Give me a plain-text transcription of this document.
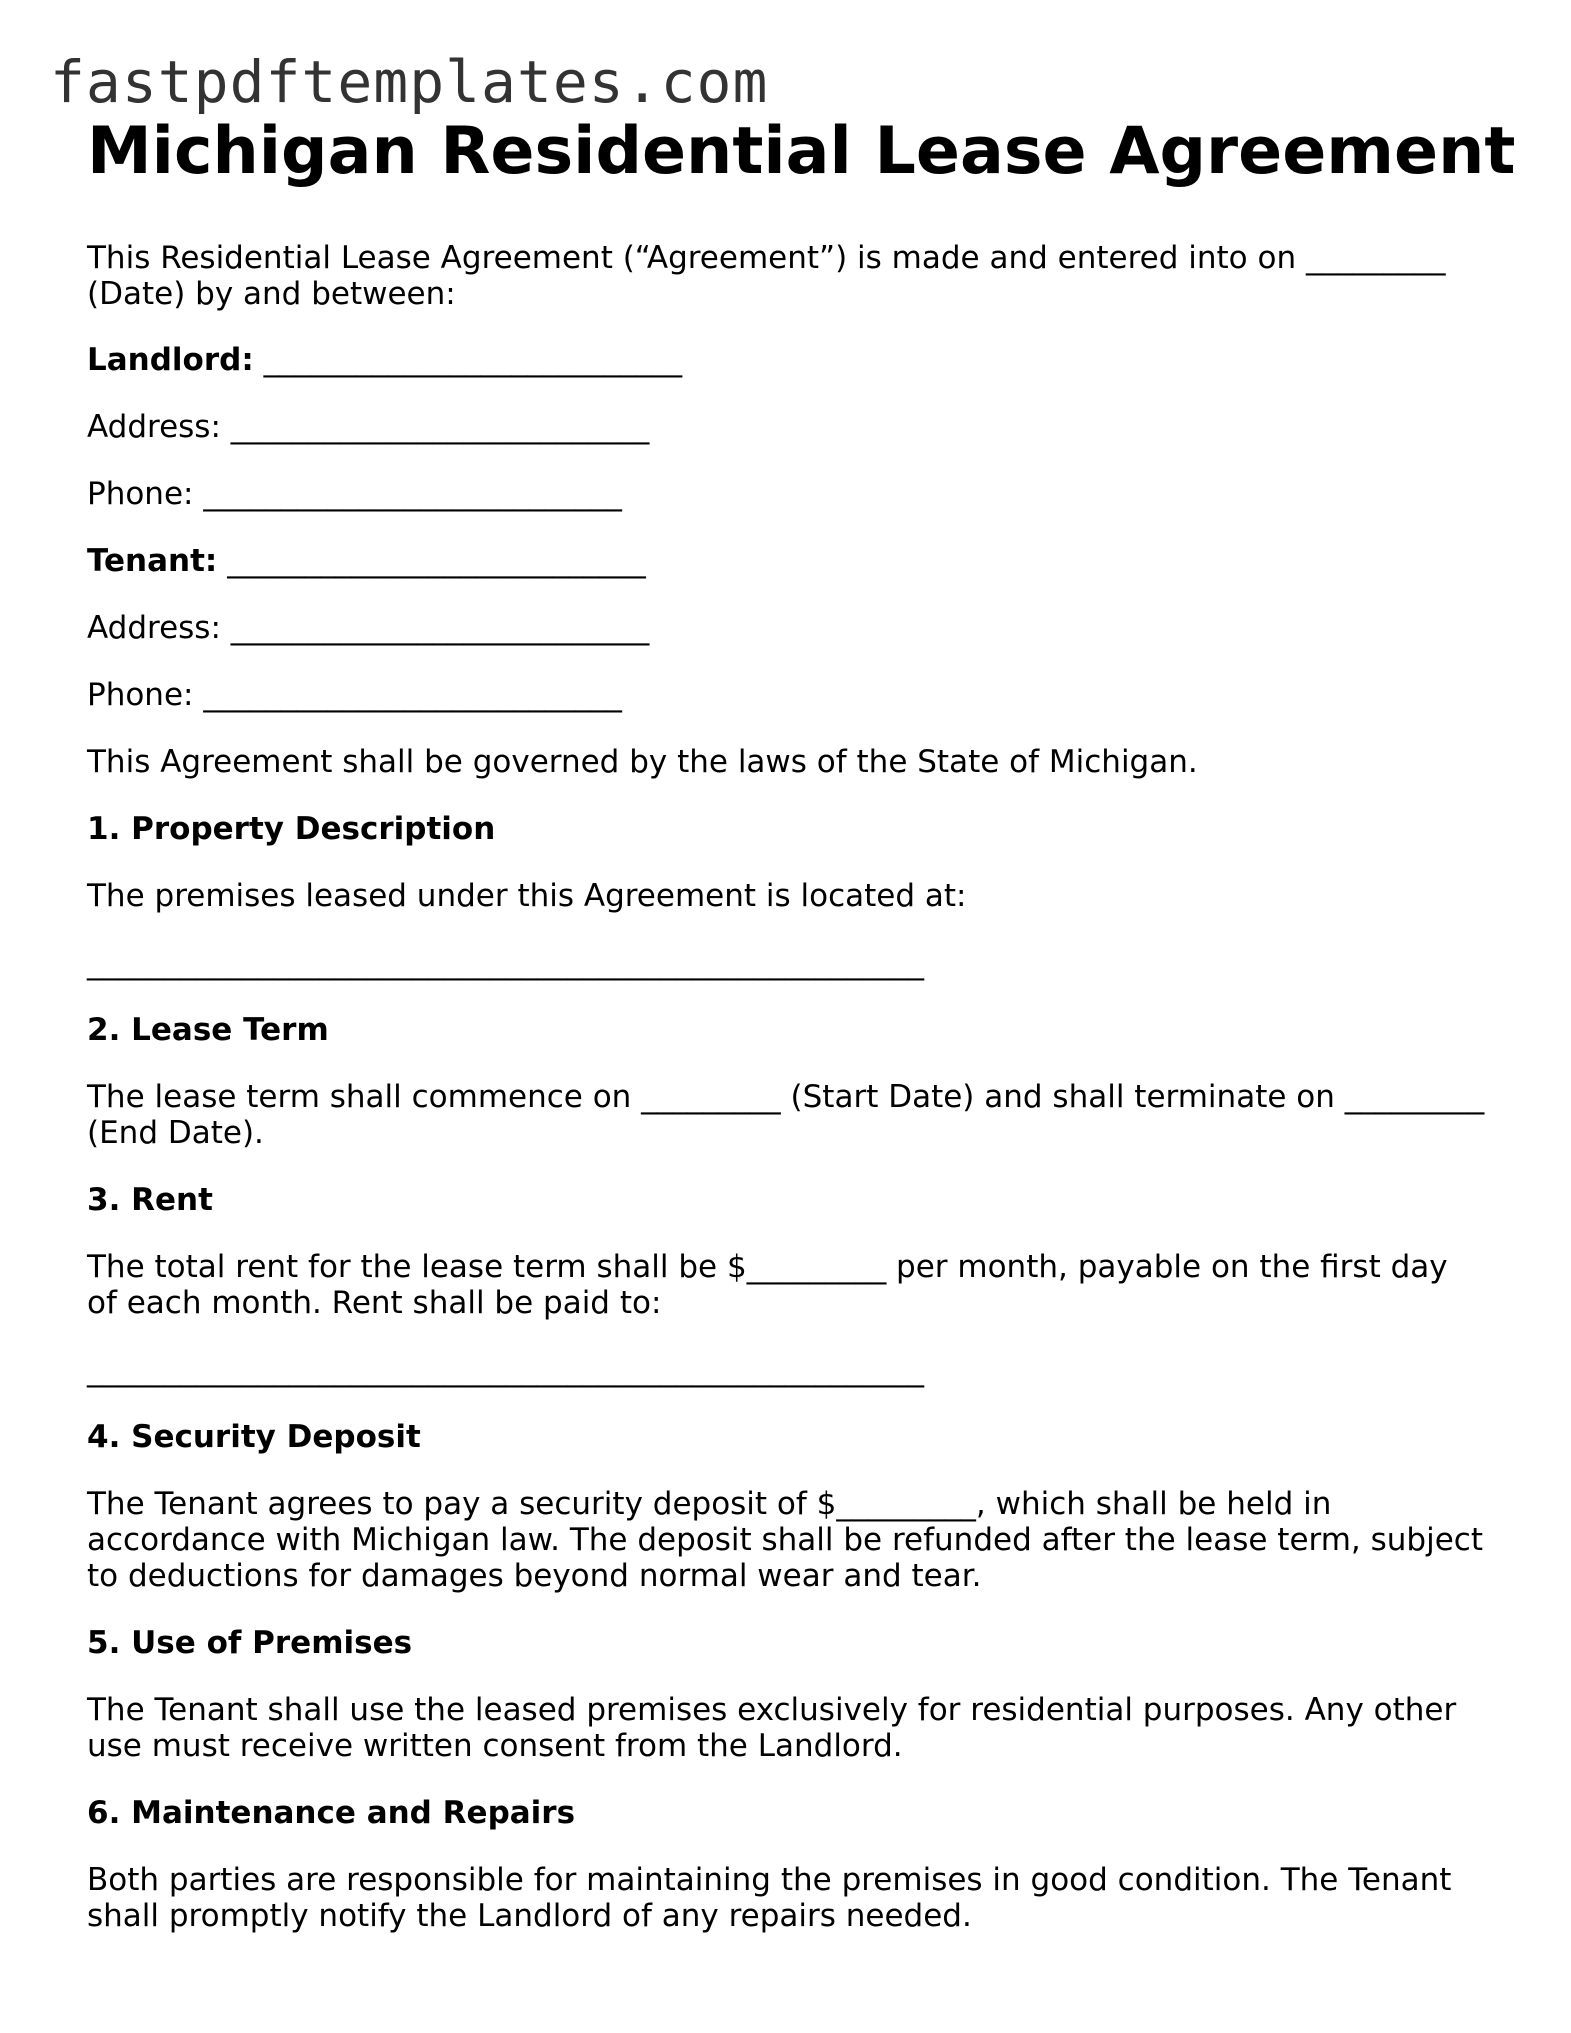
fastpdftemplates.com
Michigan Residential Lease Agreement

This Residential Lease Agreement (“Agreement”) is made and entered into on _________ (Date) by and between:

Landlord: ___________________________

Address: ___________________________

Phone: ___________________________

Tenant: ___________________________

Address: ___________________________

Phone: ___________________________

This Agreement shall be governed by the laws of the State of Michigan.

1. Property Description

The premises leased under this Agreement is located at:

______________________________________________________

2. Lease Term

The lease term shall commence on _________ (Start Date) and shall terminate on _________ (End Date).

3. Rent

The total rent for the lease term shall be $_________ per month, payable on the first day of each month. Rent shall be paid to:

______________________________________________________

4. Security Deposit

The Tenant agrees to pay a security deposit of $_________, which shall be held in accordance with Michigan law. The deposit shall be refunded after the lease term, subject to deductions for damages beyond normal wear and tear.

5. Use of Premises

The Tenant shall use the leased premises exclusively for residential purposes. Any other use must receive written consent from the Landlord.

6. Maintenance and Repairs

Both parties are responsible for maintaining the premises in good condition. The Tenant shall promptly notify the Landlord of any repairs needed.
